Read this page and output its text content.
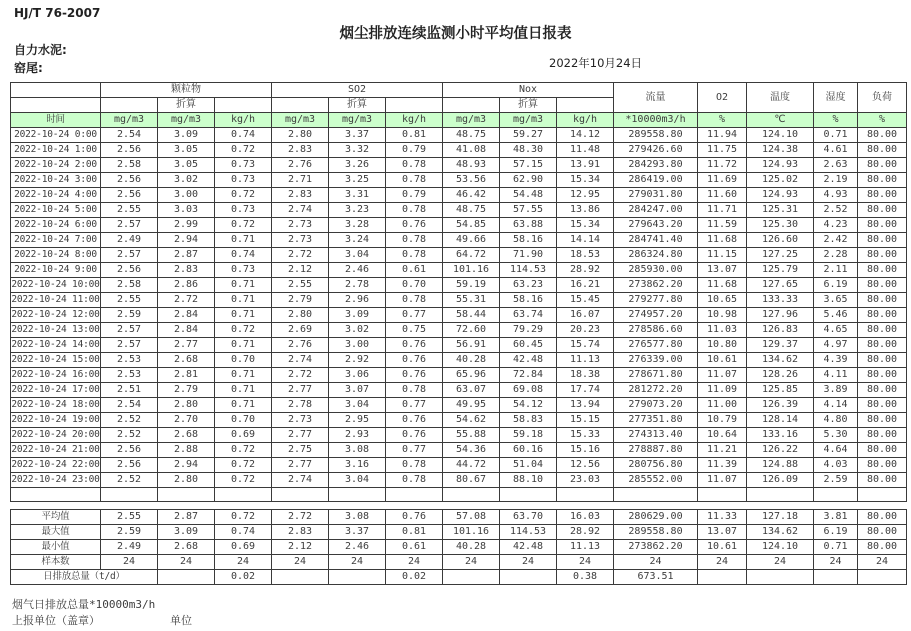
HJ/T 76-2007
烟尘排放连续监测小时平均值日报表
自力水泥:
窑尾:	2022年10月24日
	颗粒物			SO2			Nox			流量	O2	温度	湿度	负荷
		折算			折算			折算						
时间	mg/m3	mg/m3	kg/h	mg/m3	mg/m3	kg/h	mg/m3	mg/m3	kg/h	*10000m3/h	%	℃	%	%
2022-10-24 0:00	2.54	3.09	0.74	2.80	3.37	0.81	48.75	59.27	14.12	289558.80	11.94	124.10	0.71	80.00
2022-10-24 1:00	2.56	3.05	0.72	2.83	3.32	0.79	41.08	48.30	11.48	279426.60	11.75	124.38	4.61	80.00
2022-10-24 2:00	2.58	3.05	0.73	2.76	3.26	0.78	48.93	57.15	13.91	284293.80	11.72	124.93	2.63	80.00
2022-10-24 3:00	2.56	3.02	0.73	2.71	3.25	0.78	53.56	62.90	15.34	286419.00	11.69	125.02	2.19	80.00
2022-10-24 4:00	2.56	3.00	0.72	2.83	3.31	0.79	46.42	54.48	12.95	279031.80	11.60	124.93	4.93	80.00
2022-10-24 5:00	2.55	3.03	0.73	2.74	3.23	0.78	48.75	57.55	13.86	284247.00	11.71	125.31	2.52	80.00
2022-10-24 6:00	2.57	2.99	0.72	2.73	3.28	0.76	54.85	63.88	15.34	279643.20	11.59	125.30	4.23	80.00
2022-10-24 7:00	2.49	2.94	0.71	2.73	3.24	0.78	49.66	58.16	14.14	284741.40	11.68	126.60	2.42	80.00
2022-10-24 8:00	2.57	2.87	0.74	2.72	3.04	0.78	64.72	71.90	18.53	286324.80	11.15	127.25	2.28	80.00
2022-10-24 9:00	2.56	2.83	0.73	2.12	2.46	0.61	101.16	114.53	28.92	285930.00	13.07	125.79	2.11	80.00
2022-10-24 10:00	2.58	2.86	0.71	2.55	2.78	0.70	59.19	63.23	16.21	273862.20	11.68	127.65	6.19	80.00
2022-10-24 11:00	2.55	2.72	0.71	2.79	2.96	0.78	55.31	58.16	15.45	279277.80	10.65	133.33	3.65	80.00
2022-10-24 12:00	2.59	2.84	0.71	2.80	3.09	0.77	58.44	63.74	16.07	274957.20	10.98	127.96	5.46	80.00
2022-10-24 13:00	2.57	2.84	0.72	2.69	3.02	0.75	72.60	79.29	20.23	278586.60	11.03	126.83	4.65	80.00
2022-10-24 14:00	2.57	2.77	0.71	2.76	3.00	0.76	56.91	60.45	15.74	276577.80	10.80	129.37	4.97	80.00
2022-10-24 15:00	2.53	2.68	0.70	2.74	2.92	0.76	40.28	42.48	11.13	276339.00	10.61	134.62	4.39	80.00
2022-10-24 16:00	2.53	2.81	0.71	2.72	3.06	0.76	65.96	72.84	18.38	278671.80	11.07	128.26	4.11	80.00
2022-10-24 17:00	2.51	2.79	0.71	2.77	3.07	0.78	63.07	69.08	17.74	281272.20	11.09	125.85	3.89	80.00
2022-10-24 18:00	2.54	2.80	0.71	2.78	3.04	0.77	49.95	54.12	13.94	279073.20	11.00	126.39	4.14	80.00
2022-10-24 19:00	2.52	2.70	0.70	2.73	2.95	0.76	54.62	58.83	15.15	277351.80	10.79	128.14	4.80	80.00
2022-10-24 20:00	2.52	2.68	0.69	2.77	2.93	0.76	55.88	59.18	15.33	274313.40	10.64	133.16	5.30	80.00
2022-10-24 21:00	2.56	2.88	0.72	2.75	3.08	0.77	54.36	60.16	15.16	278887.80	11.21	126.22	4.64	80.00
2022-10-24 22:00	2.56	2.94	0.72	2.77	3.16	0.78	44.72	51.04	12.56	280756.80	11.39	124.88	4.03	80.00
2022-10-24 23:00	2.52	2.80	0.72	2.74	3.04	0.78	80.67	88.10	23.03	285552.00	11.07	126.09	2.59	80.00

平均值	2.55	2.87	0.72	2.72	3.08	0.76	57.08	63.70	16.03	280629.00	11.33	127.18	3.81	80.00
最大值	2.59	3.09	0.74	2.83	3.37	0.81	101.16	114.53	28.92	289558.80	13.07	134.62	6.19	80.00
最小值	2.49	2.68	0.69	2.12	2.46	0.61	40.28	42.48	11.13	273862.20	10.61	124.10	0.71	80.00
样本数	24	24	24	24	24	24	24	24	24	24	24	24	24	24
日排放总量（t/d）			0.02			0.02			0.38	673.51				
烟气日排放总量*10000m3/h
上报单位（盖章）	单位
